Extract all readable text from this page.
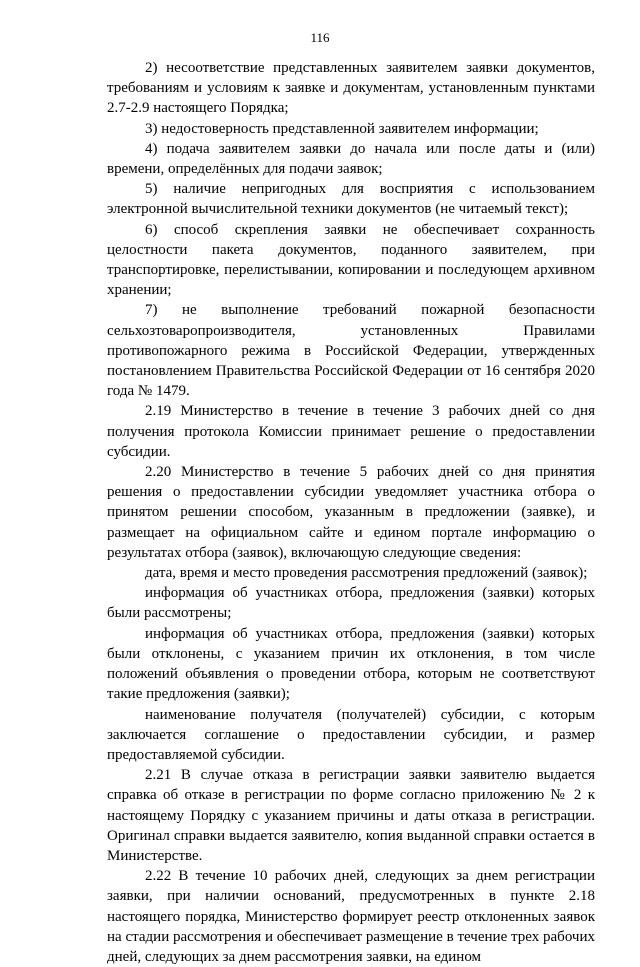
116

2) несоответствие представленных заявителем заявки документов, требованиям и условиям к заявке и документам, установленным пунктами 2.7-2.9 настоящего Порядка;

3) недостоверность представленной заявителем информации;

4) подача заявителем заявки до начала или после даты и (или) времени, определённых для подачи заявок;

5) наличие непригодных для восприятия с использованием электронной вычислительной техники документов (не читаемый текст);

6) способ скрепления заявки не обеспечивает сохранность целостности пакета документов, поданного заявителем, при транспортировке, перелистывании, копировании и последующем архивном хранении;

7) не выполнение требований пожарной безопасности сельхозтоваропроизводителя, установленных Правилами противопожарного режима в Российской Федерации, утвержденных постановлением Правительства Российской Федерации от 16 сентября 2020 года № 1479.

2.19 Министерство в течение в течение 3 рабочих дней со дня получения протокола Комиссии принимает решение о предоставлении субсидии.

2.20 Министерство в течение 5 рабочих дней со дня принятия решения о предоставлении субсидии уведомляет участника отбора о принятом решении способом, указанным в предложении (заявке), и размещает на официальном сайте и едином портале информацию о результатах отбора (заявок), включающую следующие сведения:

дата, время и место проведения рассмотрения предложений (заявок);

информация об участниках отбора, предложения (заявки) которых были рассмотрены;

информация об участниках отбора, предложения (заявки) которых были отклонены, с указанием причин их отклонения, в том числе положений объявления о проведении отбора, которым не соответствуют такие предложения (заявки);

наименование получателя (получателей) субсидии, с которым заключается соглашение о предоставлении субсидии, и размер предоставляемой субсидии.

2.21 В случае отказа в регистрации заявки заявителю выдается справка об отказе в регистрации по форме согласно приложению № 2 к настоящему Порядку с указанием причины и даты отказа в регистрации. Оригинал справки выдается заявителю, копия выданной справки остается в Министерстве.

2.22 В течение 10 рабочих дней, следующих за днем регистрации заявки, при наличии оснований, предусмотренных в пункте 2.18 настоящего порядка, Министерство формирует реестр отклоненных заявок на стадии рассмотрения и обеспечивает размещение в течение трех рабочих дней, следующих за днем рассмотрения заявки, на едином
